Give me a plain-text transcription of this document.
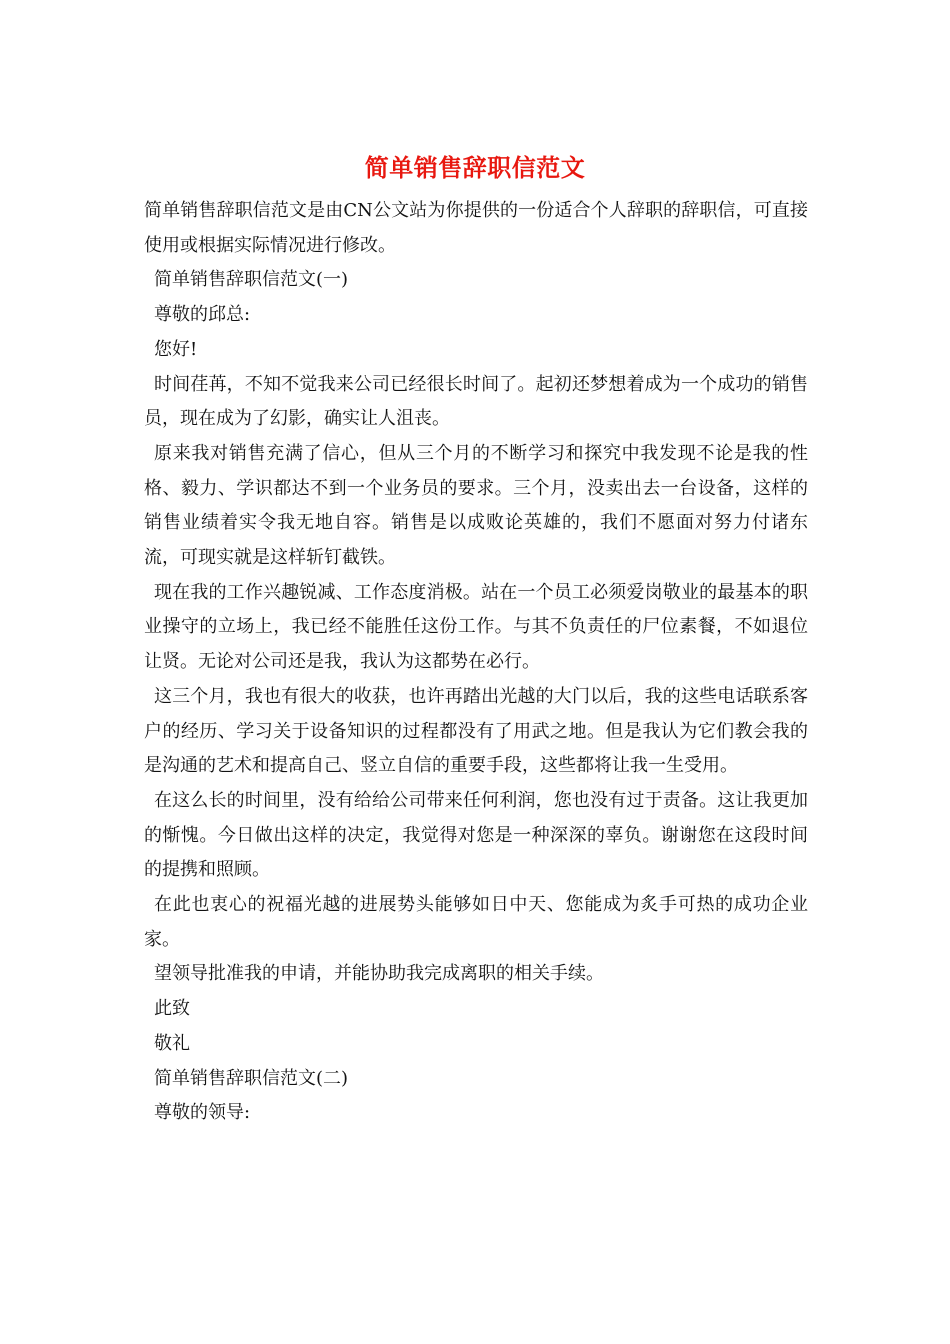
简单销售辞职信范文

简单销售辞职信范文是由CN公文站为你提供的一份适合个人辞职的辞职信，可直接使用或根据实际情况进行修改。

简单销售辞职信范文(一)

尊敬的邱总:

您好!

时间荏苒，不知不觉我来公司已经很长时间了。起初还梦想着成为一个成功的销售员，现在成为了幻影，确实让人沮丧。

原来我对销售充满了信心，但从三个月的不断学习和探究中我发现不论是我的性格、毅力、学识都达不到一个业务员的要求。三个月，没卖出去一台设备，这样的销售业绩着实令我无地自容。销售是以成败论英雄的，我们不愿面对努力付诸东流，可现实就是这样斩钉截铁。

现在我的工作兴趣锐减、工作态度消极。站在一个员工必须爱岗敬业的最基本的职业操守的立场上，我已经不能胜任这份工作。与其不负责任的尸位素餐，不如退位让贤。无论对公司还是我，我认为这都势在必行。

这三个月，我也有很大的收获，也许再踏出光越的大门以后，我的这些电话联系客户的经历、学习关于设备知识的过程都没有了用武之地。但是我认为它们教会我的是沟通的艺术和提高自己、竖立自信的重要手段，这些都将让我一生受用。

在这么长的时间里，没有给给公司带来任何利润，您也没有过于责备。这让我更加的惭愧。今日做出这样的决定，我觉得对您是一种深深的辜负。谢谢您在这段时间的提携和照顾。

在此也衷心的祝福光越的进展势头能够如日中天、您能成为炙手可热的成功企业家。

望领导批准我的申请，并能协助我完成离职的相关手续。

此致

敬礼

简单销售辞职信范文(二)

尊敬的领导:
